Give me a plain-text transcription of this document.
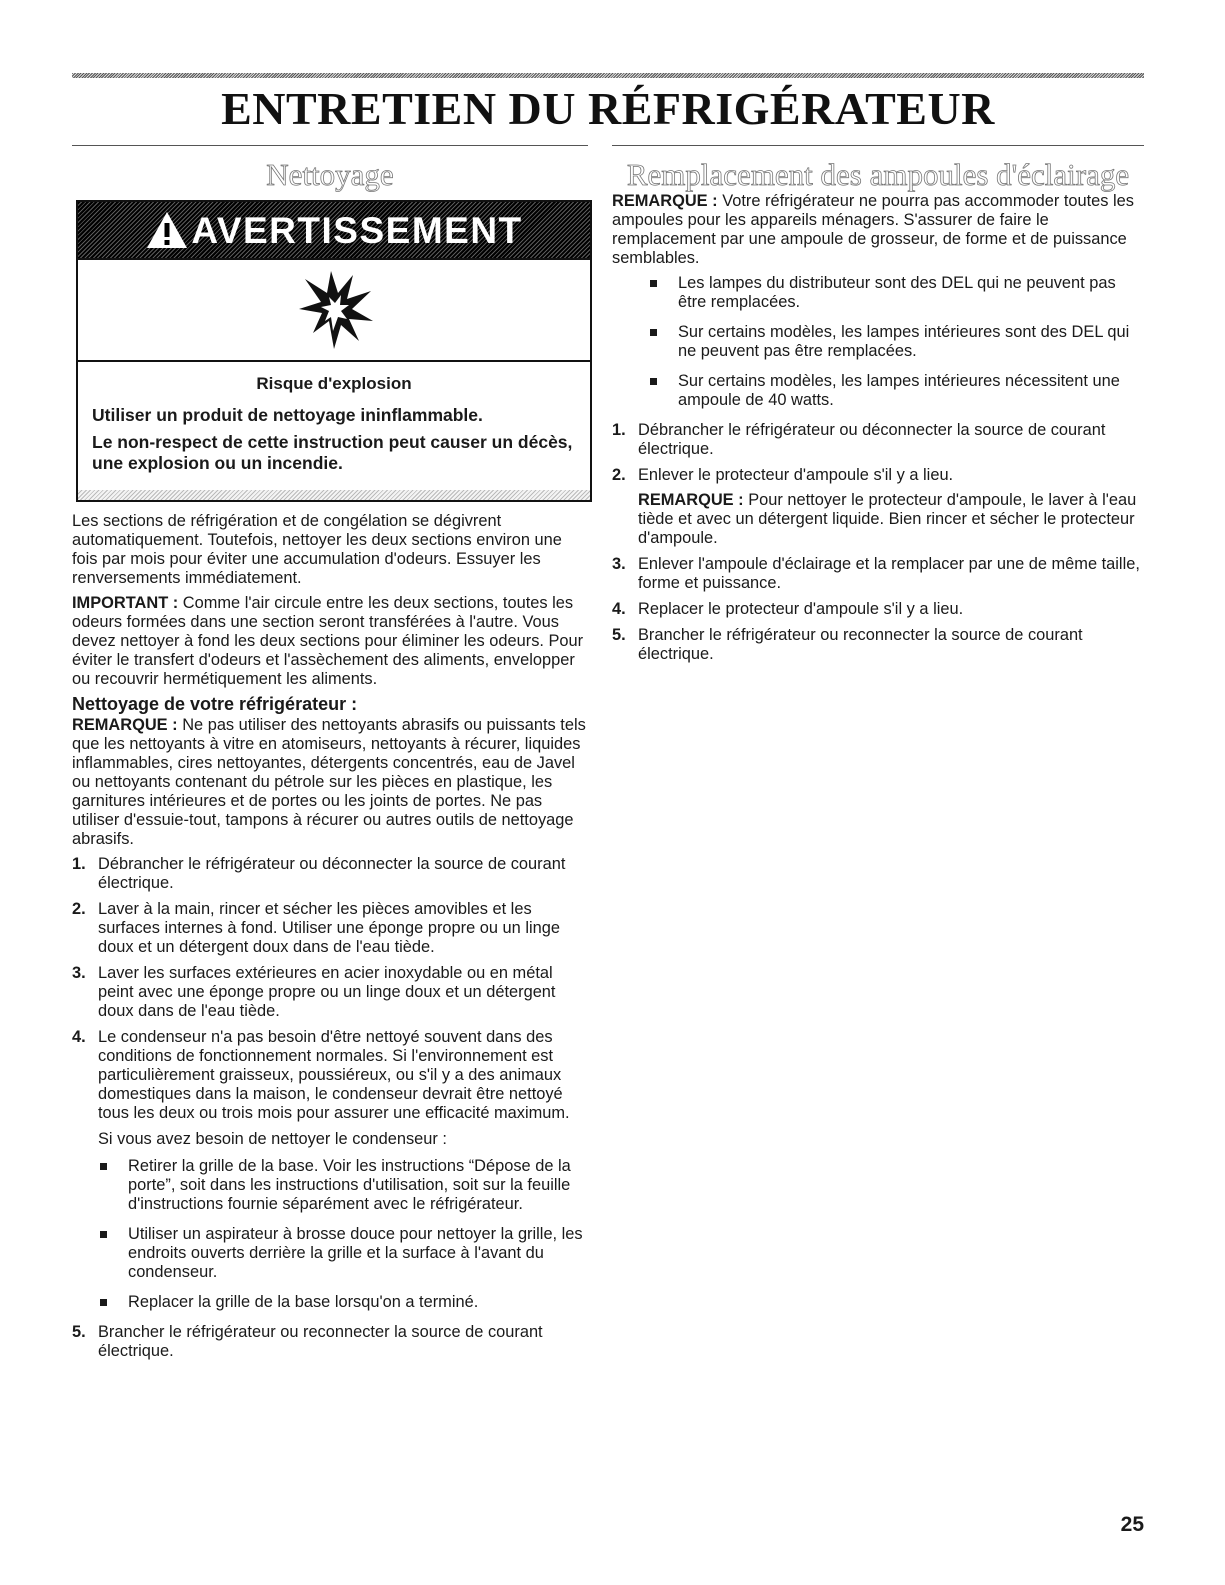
ENTRETIEN DU RÉFRIGÉRATEUR
Nettoyage
AVERTISSEMENT
Risque d'explosion
Utiliser un produit de nettoyage ininflammable.
Le non-respect de cette instruction peut causer un décès, une explosion ou un incendie.

Les sections de réfrigération et de congélation se dégivrent automatiquement. Toutefois, nettoyer les deux sections environ une fois par mois pour éviter une accumulation d'odeurs. Essuyer les renversements immédiatement.

IMPORTANT : Comme l'air circule entre les deux sections, toutes les odeurs formées dans une section seront transférées à l'autre. Vous devez nettoyer à fond les deux sections pour éliminer les odeurs. Pour éviter le transfert d'odeurs et l'assèchement des aliments, envelopper ou recouvrir hermétiquement les aliments.

Nettoyage de votre réfrigérateur :

REMARQUE : Ne pas utiliser des nettoyants abrasifs ou puissants tels que les nettoyants à vitre en atomiseurs, nettoyants à récurer, liquides inflammables, cires nettoyantes, détergents concentrés, eau de Javel ou nettoyants contenant du pétrole sur les pièces en plastique, les garnitures intérieures et de portes ou les joints de portes. Ne pas utiliser d'essuie-tout, tampons à récurer ou autres outils de nettoyage abrasifs.

1 . Débrancher le réfrigérateur ou déconnecter la source de courant électrique.
2 . Laver à la main, rincer et sécher les pièces amovibles et les surfaces internes à fond. Utiliser une éponge propre ou un linge doux et un détergent doux dans de l'eau tiède.
3 . Laver les surfaces extérieures en acier inoxydable ou en métal peint avec une éponge propre ou un linge doux et un détergent doux dans de l'eau tiède.
4 . Le condenseur n'a pas besoin d'être nettoyé souvent dans des conditions de fonctionnement normales. Si l'environnement est particulièrement graisseux, poussiéreux, ou s'il y a des animaux domestiques dans la maison, le condenseur devrait être nettoyé tous les deux ou trois mois pour assurer une efficacité maximum.
Si vous avez besoin de nettoyer le condenseur :
Retirer la grille de la base. Voir les instructions “Dépose de la porte”, soit dans les instructions d'utilisation, soit sur la feuille d'instructions fournie séparément avec le réfrigérateur.
Utiliser un aspirateur à brosse douce pour nettoyer la grille, les endroits ouverts derrière la grille et la surface à l'avant du condenseur.
Replacer la grille de la base lorsqu'on a terminé.
5 . Brancher le réfrigérateur ou reconnecter la source de courant électrique.
Remplacement des ampoules d'éclairage

REMARQUE : Votre réfrigérateur ne pourra pas accommoder toutes les ampoules pour les appareils ménagers. S'assurer de faire le remplacement par une ampoule de grosseur, de forme et de puissance semblables.

Les lampes du distributeur sont des DEL qui ne peuvent pas être remplacées.
Sur certains modèles, les lampes intérieures sont des DEL qui ne peuvent pas être remplacées.
Sur certains modèles, les lampes intérieures nécessitent une ampoule de 40 watts.
1 . Débrancher le réfrigérateur ou déconnecter la source de courant électrique.
2 . Enlever le protecteur d'ampoule s'il y a lieu.
REMARQUE : Pour nettoyer le protecteur d'ampoule, le laver à l'eau tiède et avec un détergent liquide. Bien rincer et sécher le protecteur d'ampoule.
3 . Enlever l'ampoule d'éclairage et la remplacer par une de même taille, forme et puissance.
4 . Replacer le protecteur d'ampoule s'il y a lieu.
5 . Brancher le réfrigérateur ou reconnecter la source de courant électrique.
25
